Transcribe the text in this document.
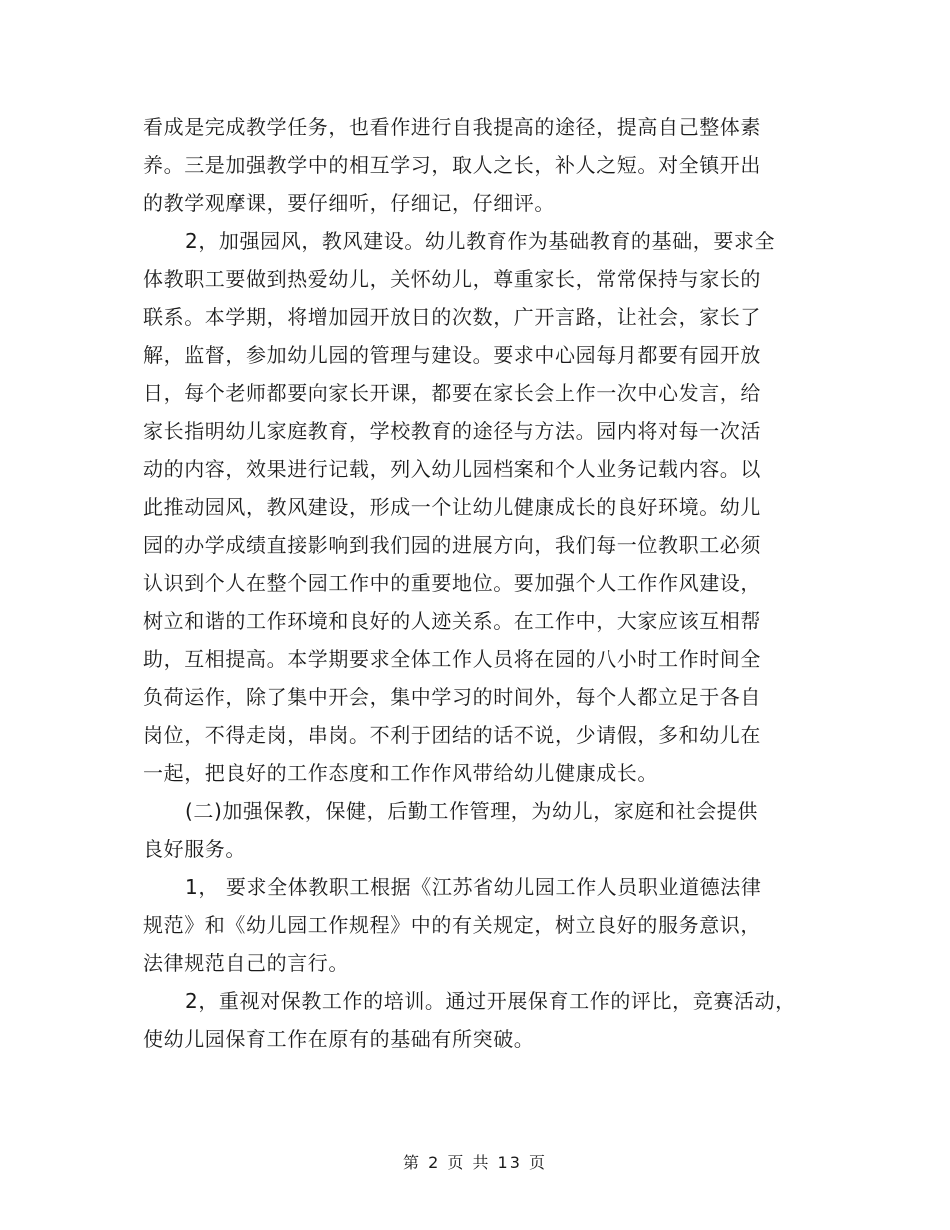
看成是完成教学任务，也看作进行自我提高的途径，提高自己整体素
养。三是加强教学中的相互学习，取人之长，补人之短。对全镇开出
的教学观摩课，要仔细听，仔细记，仔细评。
2，加强园风，教风建设。幼儿教育作为基础教育的基础，要求全
体教职工要做到热爱幼儿，关怀幼儿，尊重家长，常常保持与家长的
联系。本学期，将增加园开放日的次数，广开言路，让社会，家长了
解，监督，参加幼儿园的管理与建设。要求中心园每月都要有园开放
日，每个老师都要向家长开课，都要在家长会上作一次中心发言，给
家长指明幼儿家庭教育，学校教育的途径与方法。园内将对每一次活
动的内容，效果进行记载，列入幼儿园档案和个人业务记载内容。以
此推动园风，教风建设，形成一个让幼儿健康成长的良好环境。幼儿
园的办学成绩直接影响到我们园的进展方向，我们每一位教职工必须
认识到个人在整个园工作中的重要地位。要加强个人工作作风建设，
树立和谐的工作环境和良好的人迹关系。在工作中，大家应该互相帮
助，互相提高。本学期要求全体工作人员将在园的八小时工作时间全
负荷运作，除了集中开会，集中学习的时间外，每个人都立足于各自
岗位，不得走岗，串岗。不利于团结的话不说，少请假，多和幼儿在
一起，把良好的工作态度和工作作风带给幼儿健康成长。
(二)加强保教，保健，后勤工作管理，为幼儿，家庭和社会提供
良好服务。
1， 要求全体教职工根据《江苏省幼儿园工作人员职业道德法律
规范》和《幼儿园工作规程》中的有关规定，树立良好的服务意识，
法律规范自己的言行。
2，重视对保教工作的培训。通过开展保育工作的评比，竞赛活动，
使幼儿园保育工作在原有的基础有所突破。
第 2 页 共 13 页
